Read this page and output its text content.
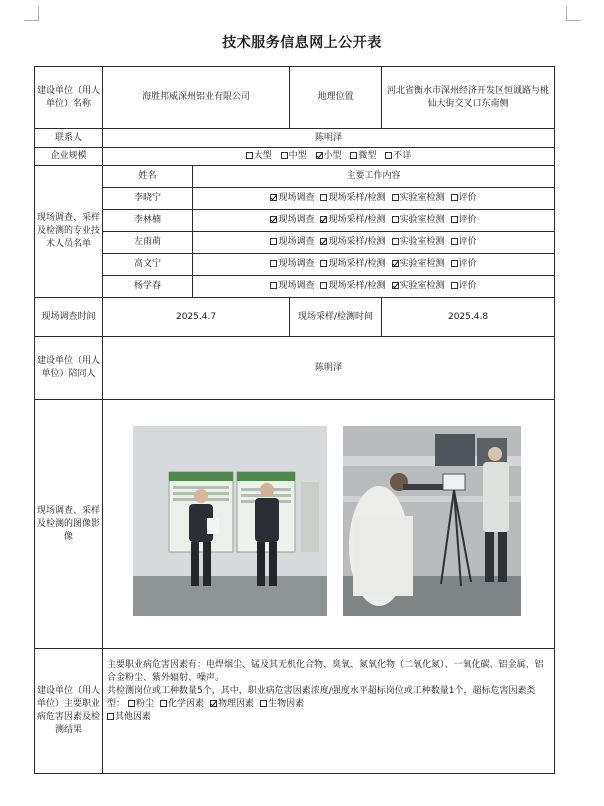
技术服务信息网上公开表
建设单位（用人单位）名称	海胜邦威深州铝业有限公司		地理位置	河北省衡水市深州经济开发区恒诚路与桃仙大街交叉口东南侧
联系人	陈明泽			
企业规模	大型 中型 小型 微型 不详			
现场调查、采样及检测的专业技术人员名单	姓名	主要工作内容		
	李晓宁	现场调查 现场采样/检测 实验室检测 评价		
	李林楠	现场调查 现场采样/检测 实验室检测 评价		
	左雨萌	现场调查 现场采样/检测 实验室检测 评价		
	高文宁	现场调查 现场采样/检测 实验室检测 评价		
	杨学春	现场调查 现场采样/检测 实验室检测 评价		
现场调查时间	2025.4.7		现场采样/检测时间	2025.4.8
建设单位（用人单位）陪同人	陈明泽			
现场调查、采样及检测的图像影像	

建设单位（用人单位）主要职业病危害因素及检测结果	主要职业病危害因素有：电焊烟尘、锰及其无机化合物、臭氧、氮氧化物（二氧化氮）、一氧化碳、铝金属、铝合金粉尘、紫外辐射、噪声。
共检测岗位或工种数量5个，其中，职业病危害因素浓度/强度水平超标岗位或工种数量1个，超标危害因素类型： 粉尘 化学因素 物理因素 生物因素
其他因素			
